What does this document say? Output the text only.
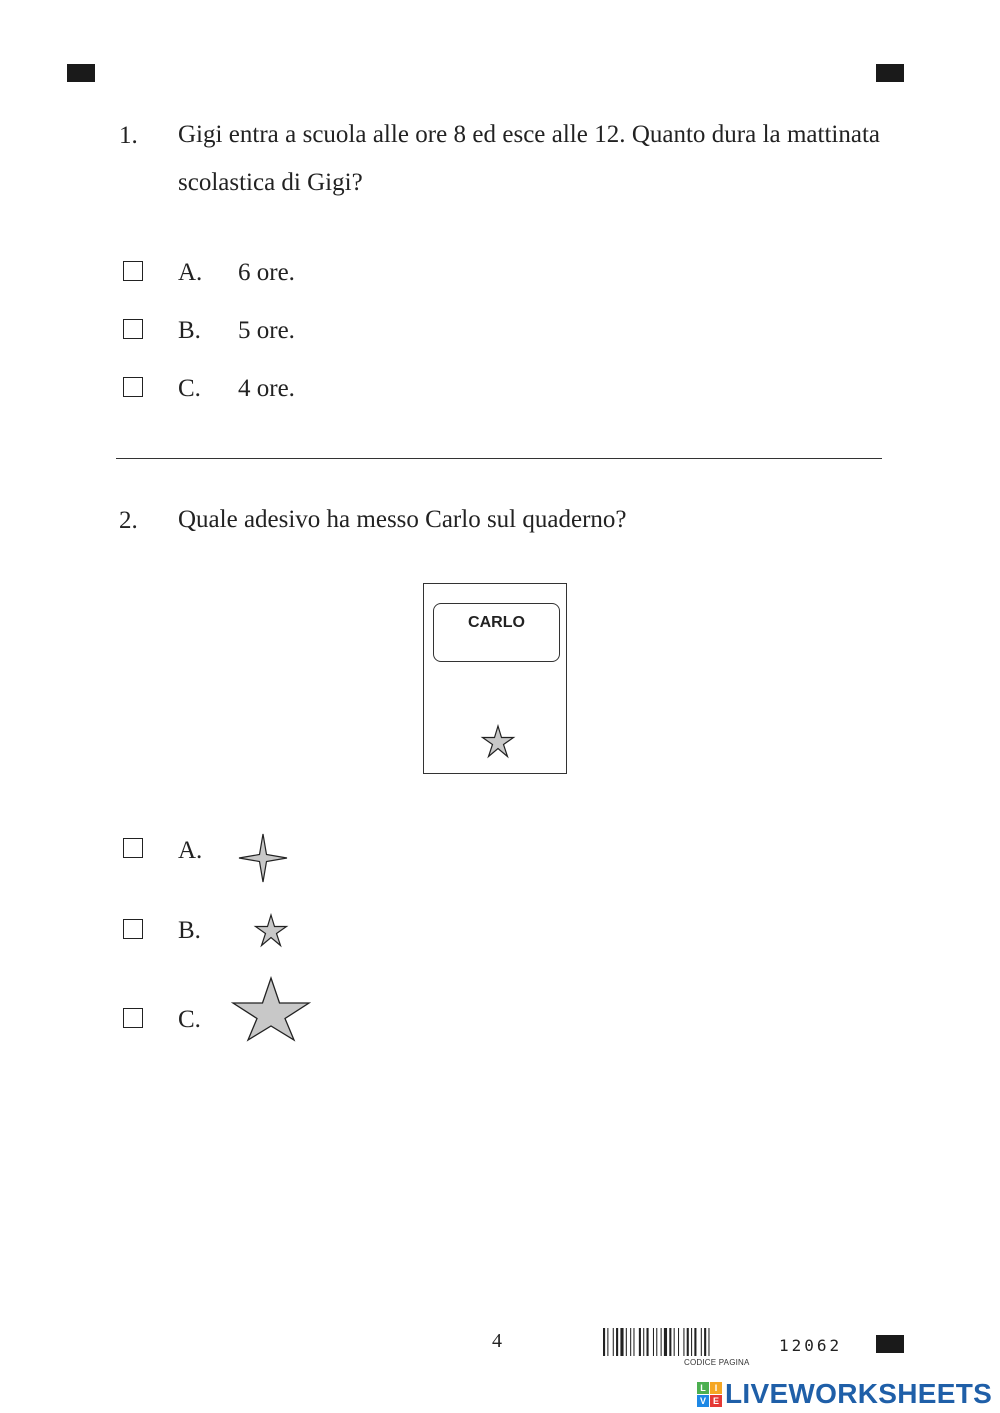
1. Gigi entra a scuola alle ore 8 ed esce alle 12. Quanto dura la mattinata scolastica di Gigi?
A. 6 ore.
B. 5 ore.
C. 4 ore.
2. Quale adesivo ha messo Carlo sul quaderno?
CARLO
A.
B.
C.
4
CODICE PAGINA
12062
L I
V E LIVEWORKSHEETS
